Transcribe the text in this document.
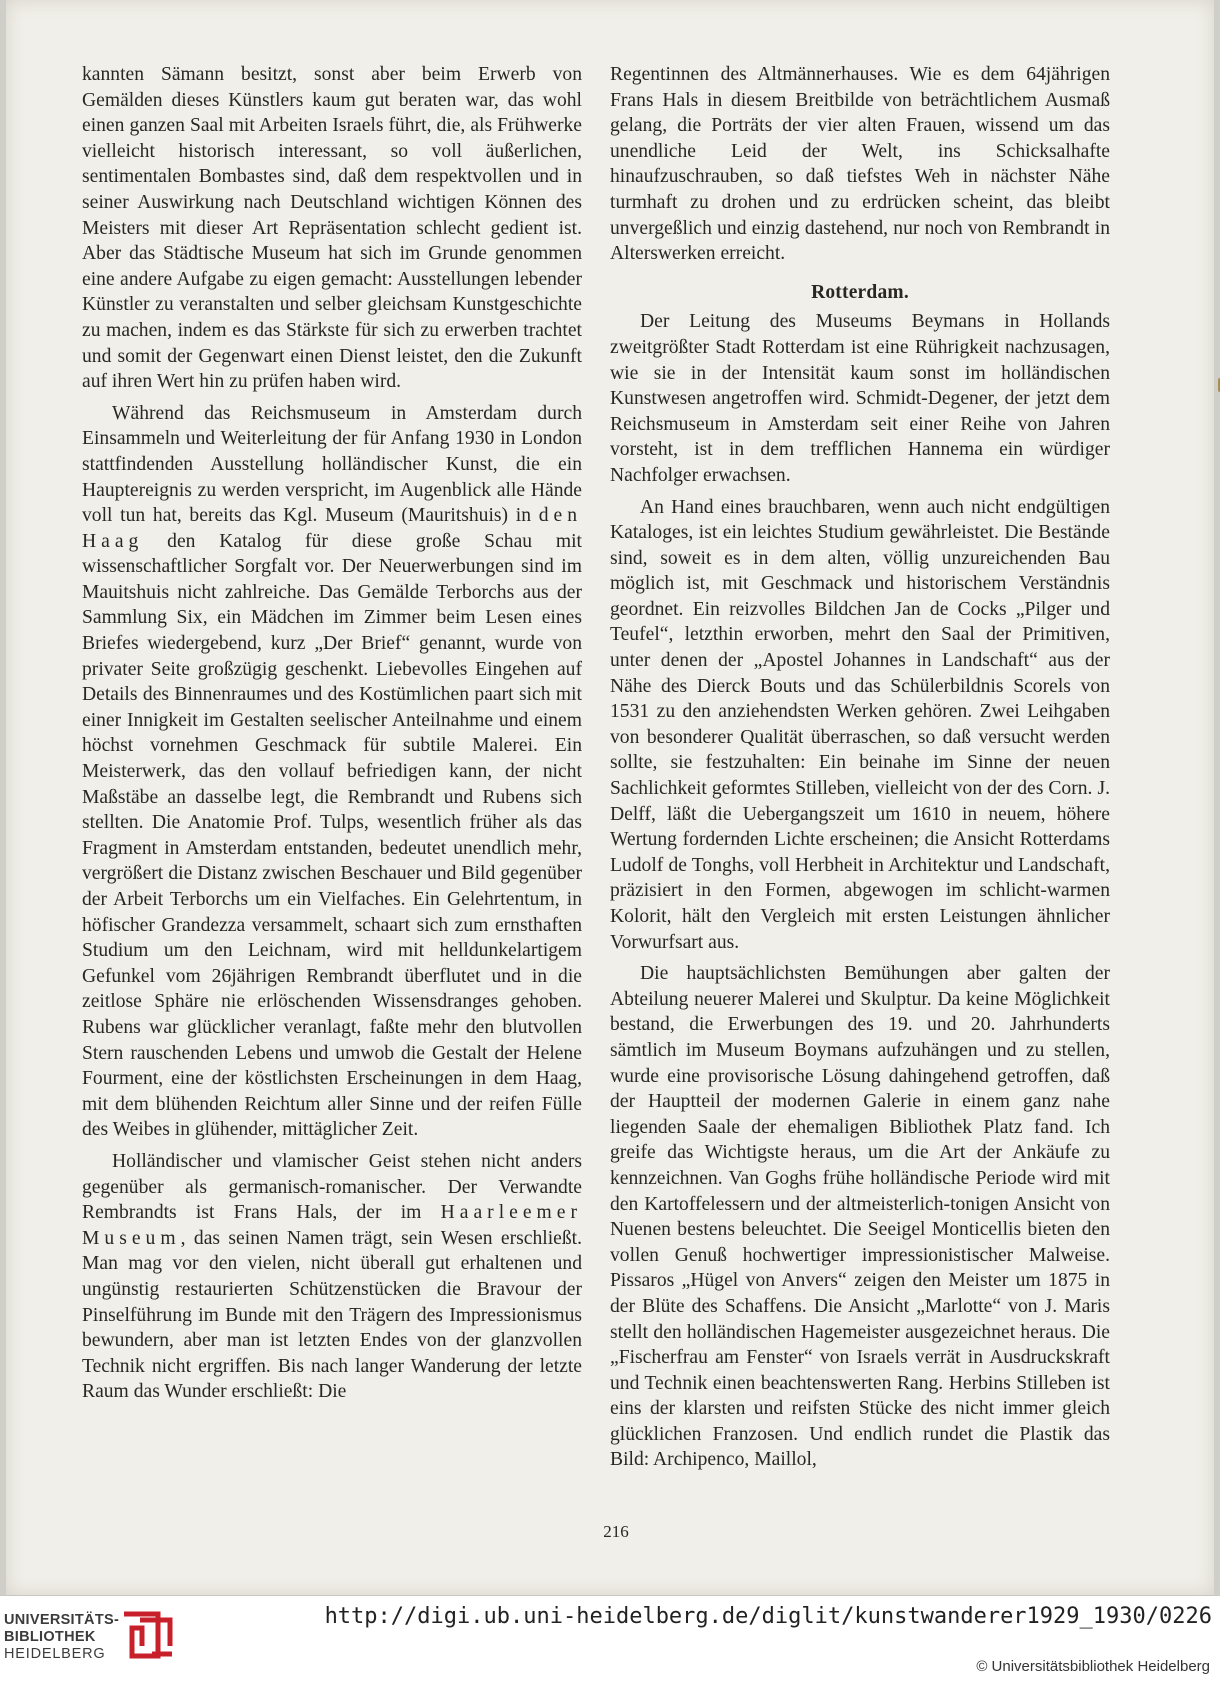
kannten Sämann besitzt, sonst aber beim Erwerb von Gemälden dieses Künstlers kaum gut beraten war, das wohl einen ganzen Saal mit Arbeiten Israels führt, die, als Frühwerke vielleicht historisch interessant, so voll äußerlichen, sentimentalen Bombastes sind, daß dem respektvollen und in seiner Auswirkung nach Deutschland wichtigen Können des Meisters mit dieser Art Repräsentation schlecht gedient ist. Aber das Städtische Museum hat sich im Grunde genommen eine andere Aufgabe zu eigen gemacht: Ausstellungen lebender Künstler zu veranstalten und selber gleichsam Kunstgeschichte zu machen, indem es das Stärkste für sich zu erwerben trachtet und somit der Gegenwart einen Dienst leistet, den die Zukunft auf ihren Wert hin zu prüfen haben wird.

Während das Reichsmuseum in Amsterdam durch Einsammeln und Weiterleitung der für Anfang 1930 in London stattfindenden Ausstellung holländischer Kunst, die ein Hauptereignis zu werden verspricht, im Augenblick alle Hände voll tun hat, bereits das Kgl. Museum (Mauritshuis) in den Haag den Katalog für diese große Schau mit wissenschaftlicher Sorgfalt vor. Der Neuerwerbungen sind im Mauitshuis nicht zahlreiche. Das Gemälde Terborchs aus der Sammlung Six, ein Mädchen im Zimmer beim Lesen eines Briefes wiedergebend, kurz „Der Brief“ genannt, wurde von privater Seite großzügig geschenkt. Liebevolles Eingehen auf Details des Binnenraumes und des Kostümlichen paart sich mit einer Innigkeit im Gestalten seelischer Anteilnahme und einem höchst vornehmen Geschmack für subtile Malerei. Ein Meisterwerk, das den vollauf befriedigen kann, der nicht Maßstäbe an dasselbe legt, die Rembrandt und Rubens sich stellten. Die Anatomie Prof. Tulps, wesentlich früher als das Fragment in Amsterdam entstanden, bedeutet unendlich mehr, vergrößert die Distanz zwischen Beschauer und Bild gegenüber der Arbeit Terborchs um ein Vielfaches. Ein Gelehrtentum, in höfischer Grandezza versammelt, schaart sich zum ernsthaften Studium um den Leichnam, wird mit helldunkelartigem Gefunkel vom 26jährigen Rembrandt überflutet und in die zeitlose Sphäre nie erlöschenden Wissensdranges gehoben. Rubens war glücklicher veranlagt, faßte mehr den blutvollen Stern rauschenden Lebens und umwob die Gestalt der Helene Fourment, eine der köstlichsten Erscheinungen in dem Haag, mit dem blühenden Reichtum aller Sinne und der reifen Fülle des Weibes in glühender, mittäglicher Zeit.

Holländischer und vlamischer Geist stehen nicht anders gegenüber als germanisch-romanischer. Der Verwandte Rembrandts ist Frans Hals, der im Haarleemer Museum, das seinen Namen trägt, sein Wesen erschließt. Man mag vor den vielen, nicht überall gut erhaltenen und ungünstig restaurierten Schützenstücken die Bravour der Pinselführung im Bunde mit den Trägern des Impressionismus bewundern, aber man ist letzten Endes von der glanzvollen Technik nicht ergriffen. Bis nach langer Wanderung der letzte Raum das Wunder erschließt: Die

Regentinnen des Altmännerhauses. Wie es dem 64jährigen Frans Hals in diesem Breitbilde von beträchtlichem Ausmaß gelang, die Porträts der vier alten Frauen, wissend um das unendliche Leid der Welt, ins Schicksalhafte hinaufzuschrauben, so daß tiefstes Weh in nächster Nähe turmhaft zu drohen und zu erdrücken scheint, das bleibt unvergeßlich und einzig dastehend, nur noch von Rembrandt in Alterswerken erreicht.

Rotterdam.

Der Leitung des Museums Beymans in Hollands zweitgrößter Stadt Rotterdam ist eine Rührigkeit nachzusagen, wie sie in der Intensität kaum sonst im holländischen Kunstwesen angetroffen wird. Schmidt-Degener, der jetzt dem Reichsmuseum in Amsterdam seit einer Reihe von Jahren vorsteht, ist in dem trefflichen Hannema ein würdiger Nachfolger erwachsen.

An Hand eines brauchbaren, wenn auch nicht endgültigen Kataloges, ist ein leichtes Studium gewährleistet. Die Bestände sind, soweit es in dem alten, völlig unzureichenden Bau möglich ist, mit Geschmack und historischem Verständnis geordnet. Ein reizvolles Bildchen Jan de Cocks „Pilger und Teufel“, letzthin erworben, mehrt den Saal der Primitiven, unter denen der „Apostel Johannes in Landschaft“ aus der Nähe des Dierck Bouts und das Schülerbildnis Scorels von 1531 zu den anziehendsten Werken gehören. Zwei Leihgaben von besonderer Qualität überraschen, so daß versucht werden sollte, sie festzuhalten: Ein beinahe im Sinne der neuen Sachlichkeit geformtes Stilleben, vielleicht von der des Corn. J. Delff, läßt die Uebergangszeit um 1610 in neuem, höhere Wertung fordernden Lichte erscheinen; die Ansicht Rotterdams Ludolf de Tonghs, voll Herbheit in Architektur und Landschaft, präzisiert in den Formen, abgewogen im schlicht-warmen Kolorit, hält den Vergleich mit ersten Leistungen ähnlicher Vorwurfsart aus.

Die hauptsächlichsten Bemühungen aber galten der Abteilung neuerer Malerei und Skulptur. Da keine Möglichkeit bestand, die Erwerbungen des 19. und 20. Jahrhunderts sämtlich im Museum Boymans aufzuhängen und zu stellen, wurde eine provisorische Lösung dahingehend getroffen, daß der Hauptteil der modernen Galerie in einem ganz nahe liegenden Saale der ehemaligen Bibliothek Platz fand. Ich greife das Wichtigste heraus, um die Art der Ankäufe zu kennzeichnen. Van Goghs frühe holländische Periode wird mit den Kartoffelessern und der altmeisterlich-tonigen Ansicht von Nuenen bestens beleuchtet. Die Seeigel Monticellis bieten den vollen Genuß hochwertiger impressionistischer Malweise. Pissaros „Hügel von Anvers“ zeigen den Meister um 1875 in der Blüte des Schaffens. Die Ansicht „Marlotte“ von J. Maris stellt den holländischen Hagemeister ausgezeichnet heraus. Die „Fischerfrau am Fenster“ von Israels verrät in Ausdruckskraft und Technik einen beachtenswerten Rang. Herbins Stilleben ist eins der klarsten und reifsten Stücke des nicht immer gleich glücklichen Franzosen. Und endlich rundet die Plastik das Bild: Archipenco, Maillol,

216
UNIVERSITÄTS-
BIBLIOTHEK
HEIDELBERG
http://digi.ub.uni-heidelberg.de/diglit/kunstwanderer1929_1930/0226
© Universitätsbibliothek Heidelberg
